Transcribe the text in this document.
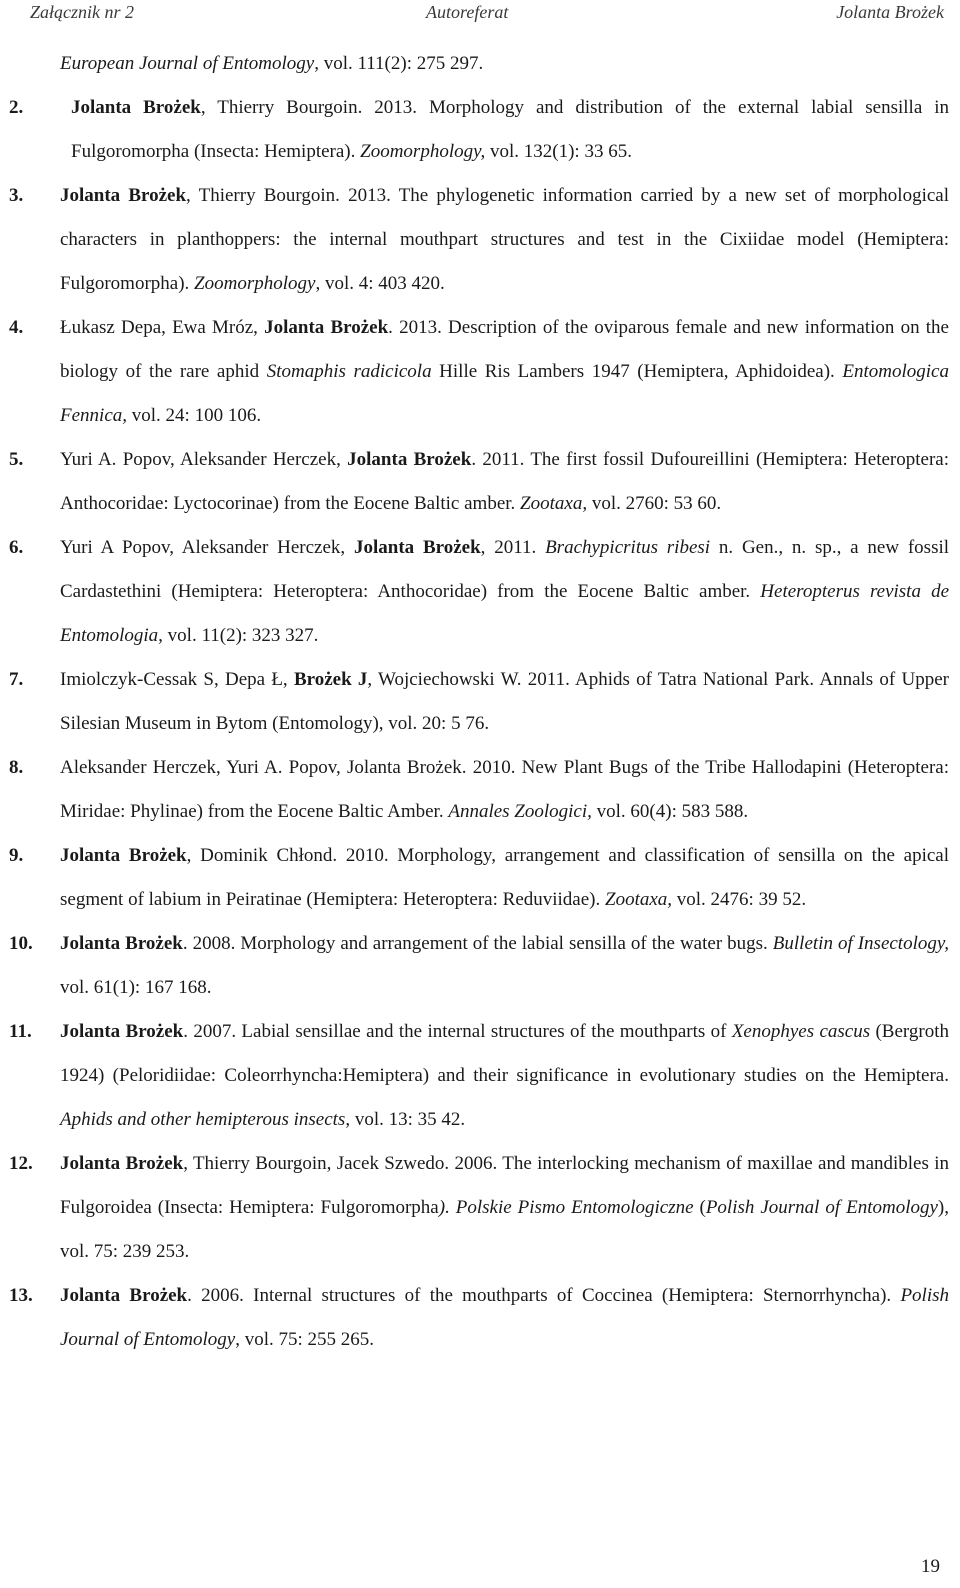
Załącznik nr 2	Autoreferat	Jolanta Brożek
European Journal of Entomology, vol. 111(2): 275 297.
2.	Jolanta Brożek, Thierry Bourgoin. 2013. Morphology and distribution of the external labial sensilla in Fulgoromorpha (Insecta: Hemiptera). Zoomorphology, vol. 132(1): 33 65.
3. Jolanta Brożek, Thierry Bourgoin. 2013. The phylogenetic information carried by a new set of morphological characters in planthoppers: the internal mouthpart structures and test in the Cixiidae model (Hemiptera: Fulgoromorpha). Zoomorphology, vol. 4: 403 420.
4. Łukasz Depa, Ewa Mróz, Jolanta Brożek. 2013. Description of the oviparous female and new information on the biology of the rare aphid Stomaphis radicicola Hille Ris Lambers 1947 (Hemiptera, Aphidoidea). Entomologica Fennica, vol. 24: 100 106.
5. Yuri A. Popov, Aleksander Herczek, Jolanta Brożek. 2011. The first fossil Dufoureillini (Hemiptera: Heteroptera: Anthocoridae: Lyctocorinae) from the Eocene Baltic amber. Zootaxa, vol. 2760: 53 60.
6. Yuri A Popov, Aleksander Herczek, Jolanta Brożek, 2011. Brachypicritus ribesi n. Gen., n. sp., a new fossil Cardastethini (Hemiptera: Heteroptera: Anthocoridae) from the Eocene Baltic amber. Heteropterus revista de Entomologia, vol. 11(2): 323 327.
7. Imiolczyk-Cessak S, Depa Ł, Brożek J, Wojciechowski W. 2011. Aphids of Tatra National Park. Annals of Upper Silesian Museum in Bytom (Entomology), vol. 20: 5 76.
8. Aleksander Herczek, Yuri A. Popov, Jolanta Brożek. 2010. New Plant Bugs of the Tribe Hallodapini (Heteroptera: Miridae: Phylinae) from the Eocene Baltic Amber. Annales Zoologici, vol. 60(4): 583 588.
9. Jolanta Brożek, Dominik Chłond. 2010. Morphology, arrangement and classification of sensilla on the apical segment of labium in Peiratinae (Hemiptera: Heteroptera: Reduviidae). Zootaxa, vol. 2476: 39 52.
10. Jolanta Brożek. 2008. Morphology and arrangement of the labial sensilla of the water bugs. Bulletin of Insectology, vol. 61(1): 167 168.
11. Jolanta Brożek. 2007. Labial sensillae and the internal structures of the mouthparts of Xenophyes cascus (Bergroth 1924) (Peloridiidae: Coleorrhyncha:Hemiptera) and their significance in evolutionary studies on the Hemiptera. Aphids and other hemipterous insects, vol. 13: 35 42.
12. Jolanta Brożek, Thierry Bourgoin, Jacek Szwedo. 2006. The interlocking mechanism of maxillae and mandibles in Fulgoroidea (Insecta: Hemiptera: Fulgoromorpha). Polskie Pismo Entomologiczne (Polish Journal of Entomology), vol. 75: 239 253.
13. Jolanta Brożek. 2006. Internal structures of the mouthparts of Coccinea (Hemiptera: Sternorrhyncha). Polish Journal of Entomology, vol. 75: 255 265.
19
